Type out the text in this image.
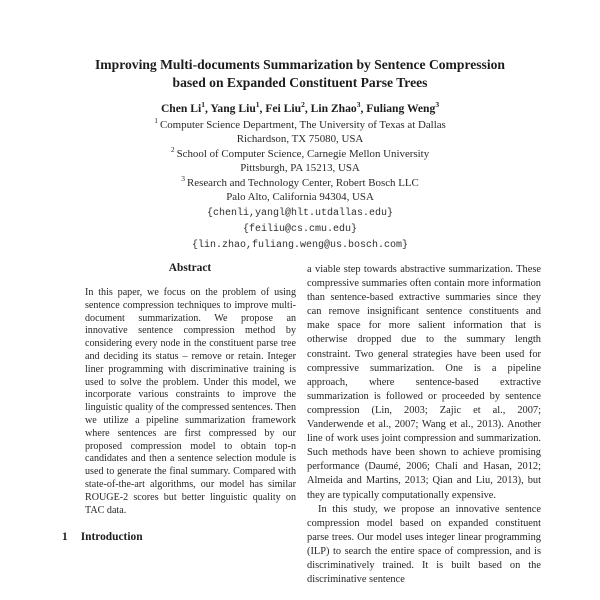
Improving Multi-documents Summarization by Sentence Compression
based on Expanded Constituent Parse Trees
Chen Li$^1$, Yang Liu$^1$, Fei Liu$^2$, Lin Zhao$^3$, Fuliang Weng$^3$
$^1$ Computer Science Department, The University of Texas at Dallas
Richardson, TX 75080, USA
$^2$ School of Computer Science, Carnegie Mellon University
Pittsburgh, PA 15213, USA
$^3$ Research and Technology Center, Robert Bosch LLC
Palo Alto, California 94304, USA
{chenli,yangl@hlt.utdallas.edu}
{feiliu@cs.cmu.edu}
{lin.zhao,fuliang.weng@us.bosch.com}
Abstract
In this paper, we focus on the problem of using sentence compression techniques to improve multi-document summarization. We propose an innovative sentence compression method by considering every node in the constituent parse tree and deciding its status – remove or retain. Integer liner programming with discriminative training is used to solve the problem. Under this model, we incorporate various constraints to improve the linguistic quality of the compressed sentences. Then we utilize a pipeline summarization framework where sentences are first compressed by our proposed compression model to obtain top-n candidates and then a sentence selection module is used to generate the final summary. Compared with state-of-the-art algorithms, our model has similar ROUGE-2 scores but better linguistic quality on TAC data.
1 Introduction

a viable step towards abstractive summarization. These compressive summaries often contain more information than sentence-based extractive summaries since they can remove insignificant sentence constituents and make space for more salient information that is otherwise dropped due to the summary length constraint. Two general strategies have been used for compressive summarization. One is a pipeline approach, where sentence-based extractive summarization is followed or proceeded by sentence compression (Lin, 2003; Zajic et al., 2007; Vanderwende et al., 2007; Wang et al., 2013). Another line of work uses joint compression and summarization. Such methods have been shown to achieve promising performance (Daumé, 2006; Chali and Hasan, 2012; Almeida and Martins, 2013; Qian and Liu, 2013), but they are typically computationally expensive.

In this study, we propose an innovative sentence compression model based on expanded constituent parse trees. Our model uses integer linear programming (ILP) to search the entire space of compression, and is discriminatively trained. It is built based on the discriminative sentence
